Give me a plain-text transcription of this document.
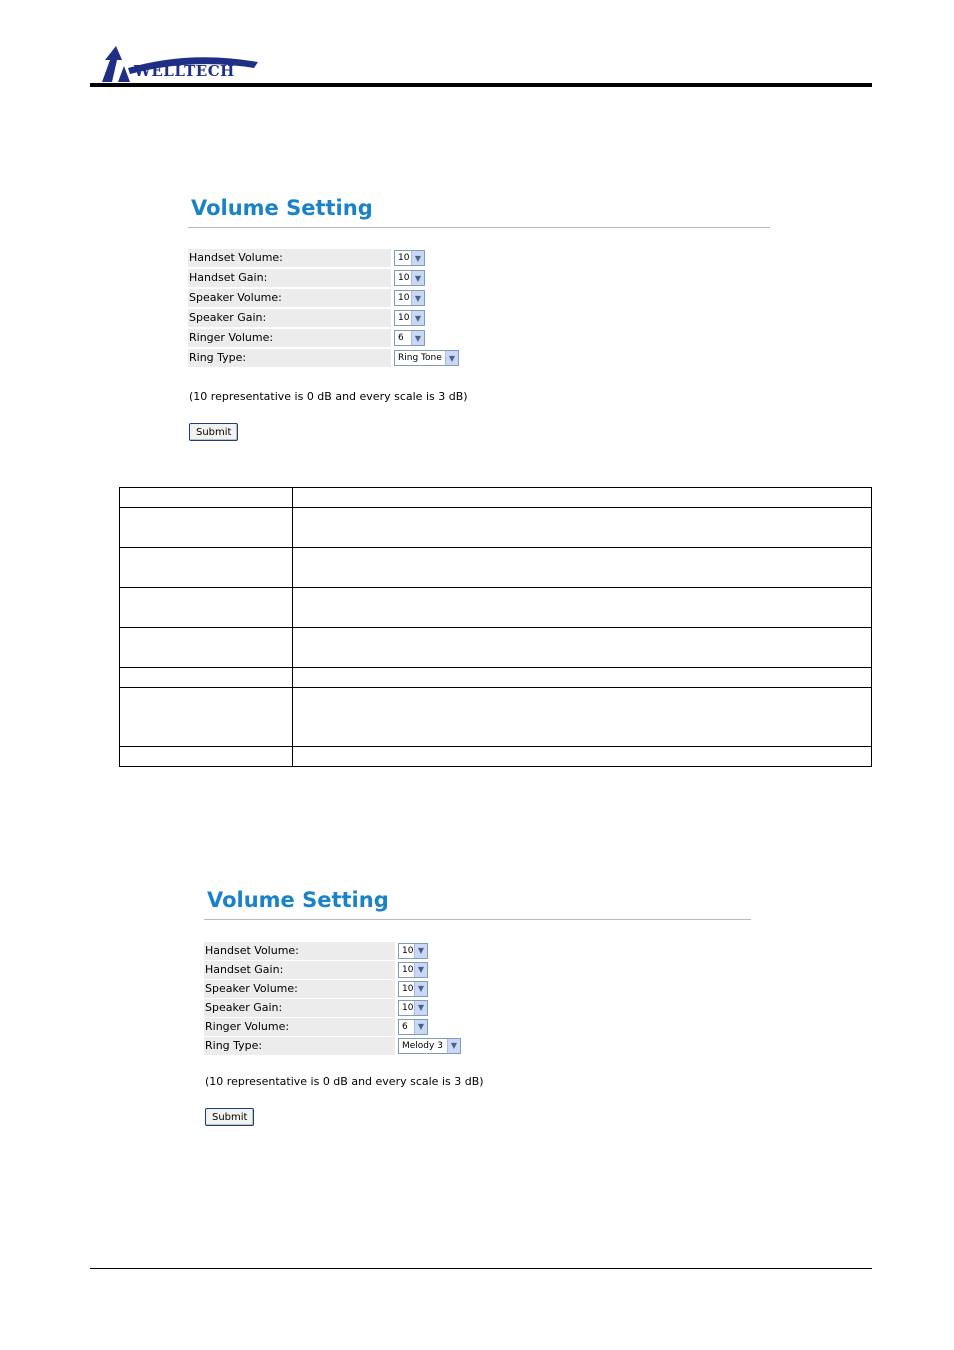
WELLTECH
Volume Setting
Handset Volume:	10 ▼
Handset Gain:	10 ▼
Speaker Volume:	10 ▼
Speaker Gain:	10 ▼
Ringer Volume:	6	▼
Ring Type:	Ring Tone ▼
(10 representative is 0 dB and every scale is 3 dB)
Submit

Volume Setting
Handset Volume:	10 ▼
Handset Gain:	10 ▼
Speaker Volume:	10 ▼
Speaker Gain:	10 ▼
Ringer Volume:	6	▼
Ring Type:	Melody 3 ▼
(10 representative is 0 dB and every scale is 3 dB)
Submit
